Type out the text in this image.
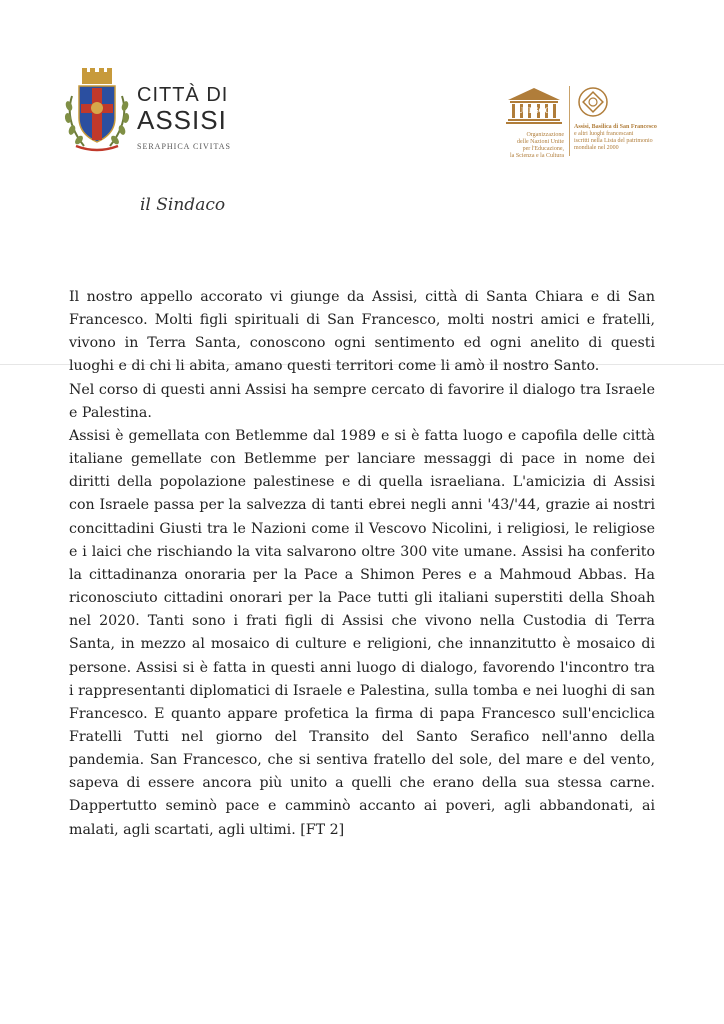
CITTÀ DI
ASSISI
SERAPHICA CIVITAS
il Sindaco
UNESCO
Organizzazione
delle Nazioni Unite
per l'Educazione,
la Scienza e la Cultura
Assisi, Basilica di San Francesco
e altri luoghi francescani
iscritti nella Lista del patrimonio
mondiale nel 2000

Il nostro appello accorato vi giunge da Assisi, città di Santa Chiara e di San Francesco. Molti figli spirituali di San Francesco, molti nostri amici e fratelli, vivono in Terra Santa, conoscono ogni sentimento ed ogni anelito di questi luoghi e di chi li abita, amano questi territori come li amò il nostro Santo.

Nel corso di questi anni Assisi ha sempre cercato di favorire il dialogo tra Israele e Palestina.

Assisi è gemellata con Betlemme dal 1989 e si è fatta luogo e capofila delle città italiane gemellate con Betlemme per lanciare messaggi di pace in nome dei diritti della popolazione palestinese e di quella israeliana. L'amicizia di Assisi con Israele passa per la salvezza di tanti ebrei negli anni '43/'44, grazie ai nostri concittadini Giusti tra le Nazioni come il Vescovo Nicolini, i religiosi, le religiose e i laici che rischiando la vita salvarono oltre 300 vite umane. Assisi ha conferito la cittadinanza onoraria per la Pace a Shimon Peres e a Mahmoud Abbas. Ha riconosciuto cittadini onorari per la Pace tutti gli italiani superstiti della Shoah nel 2020. Tanti sono i frati figli di Assisi che vivono nella Custodia di Terra Santa, in mezzo al mosaico di culture e religioni, che innanzitutto è mosaico di persone. Assisi si è fatta in questi anni luogo di dialogo, favorendo l'incontro tra i rappresentanti diplomatici di Israele e Palestina, sulla tomba e nei luoghi di san Francesco. E quanto appare profetica la firma di papa Francesco sull'enciclica Fratelli Tutti nel giorno del Transito del Santo Serafico nell'anno della pandemia. San Francesco, che si sentiva fratello del sole, del mare e del vento, sapeva di essere ancora più unito a quelli che erano della sua stessa carne. Dappertutto seminò pace e camminò accanto ai poveri, agli abbandonati, ai malati, agli scartati, agli ultimi. [FT 2]
